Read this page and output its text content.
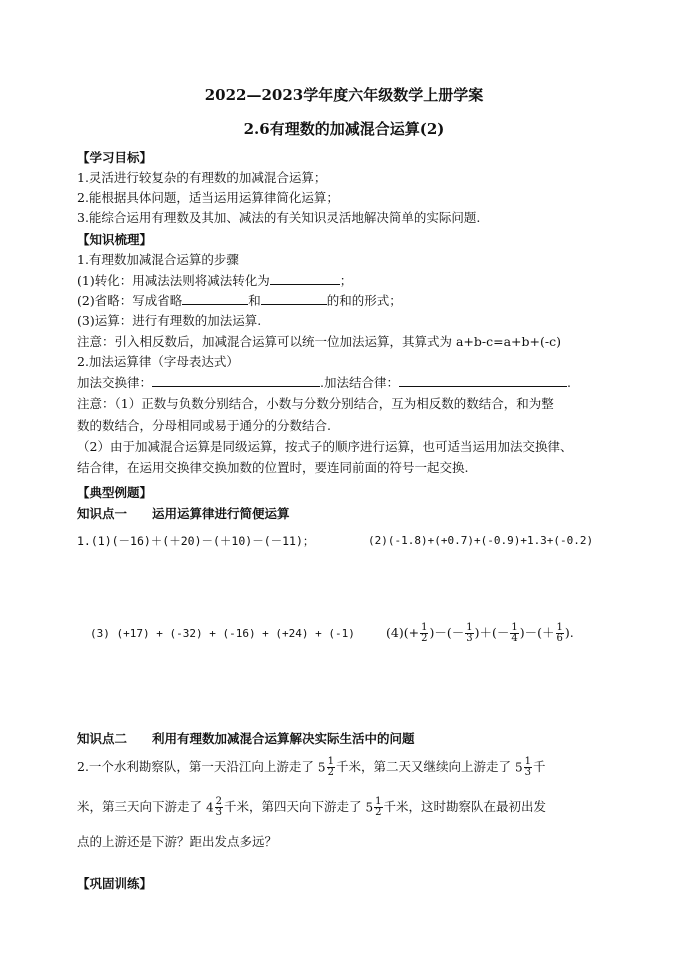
2022—2023学年度六年级数学上册学案
2.6有理数的加减混合运算(2)
【学习目标】
1.灵活进行较复杂的有理数的加减混合运算；
2.能根据具体问题，适当运用运算律简化运算；
3.能综合运用有理数及其加、减法的有关知识灵活地解决简单的实际问题.
【知识梳理】
1.有理数加减混合运算的步骤
(1)转化：用减法法则将减法转化为	；
(2)省略：写成省略	和	的和的形式；
(3)运算：进行有理数的加法运算.
注意：引入相反数后，加减混合运算可以统一位加法运算，其算式为 a+b-c=a+b+(-c)
2.加法运算律（字母表达式）
加法交换律：	.加法结合律：	.
注意：（1）正数与负数分别结合，小数与分数分别结合，互为相反数的数结合，和为整
数的数结合，分母相同或易于通分的分数结合.
（2）由于加减混合运算是同级运算，按式子的顺序进行运算，也可适当运用加法交换律、
结合律，在运用交换律交换加数的位置时，要连同前面的符号一起交换.
【典型例题】
知识点一　　运用运算律进行简便运算
1.(1)(－16)＋(＋20)－(＋10)－(－11)；	(2)(-1.8)+(+0.7)+(-0.9)+1.3+(-0.2)
(3) (+17) + (-32) + (-16) + (+24) + (-1) $(4)(+ \frac{1}{2}$ )－(－ $\frac{1}{3}$ )＋(－ $\frac{1}{4}$ )－(＋ $\frac{1}{6}$ ).
知识点二　　利用有理数加减混合运算解决实际生活中的问题
2.一个水利勘察队，第一天沿江向上游走了 $5 \frac{1}{2}$ 千米，第二天又继续向上游走了 $5 \frac{1}{3}$ 千
米，第三天向下游走了 $4 \frac{2}{3}$ 千米，第四天向下游走了 $5 \frac{1}{2}$ 千米，这时勘察队在最初出发
点的上游还是下游？距出发点多远？
【巩固训练】
